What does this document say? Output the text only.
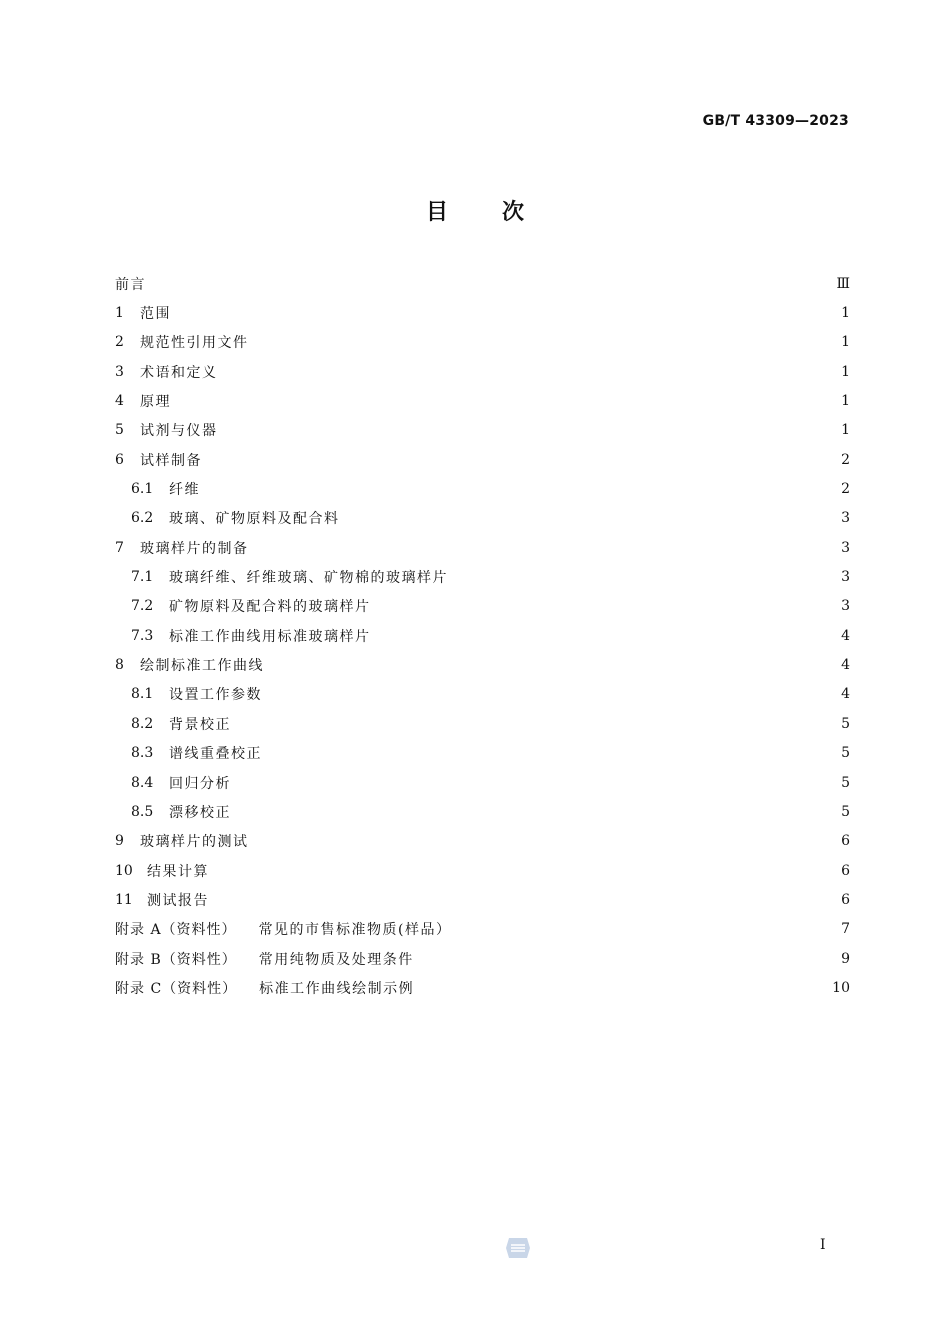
GB/T 43309—2023
目 次
前言	Ⅲ
1	范围	1
2	规范性引用文件	1
3	术语和定义	1
4	原理	1
5	试剂与仪器	1
6	试样制备	2
6.1	纤维	2
6.2	玻璃、矿物原料及配合料	3
7	玻璃样片的制备	3
7.1	玻璃纤维、纤维玻璃、矿物棉的玻璃样片	3
7.2	矿物原料及配合料的玻璃样片	3
7.3	标准工作曲线用标准玻璃样片	4
8	绘制标准工作曲线	4
8.1	设置工作参数	4
8.2	背景校正	5
8.3	谱线重叠校正	5
8.4	回归分析	5
8.5	漂移校正	5
9	玻璃样片的测试	6
10	结果计算	6
11	测试报告	6
附录 A（资料性） 常见的市售标准物质(样品）	7
附录 B（资料性） 常用纯物质及处理条件	9
附录 C（资料性） 标准工作曲线绘制示例	10
I
